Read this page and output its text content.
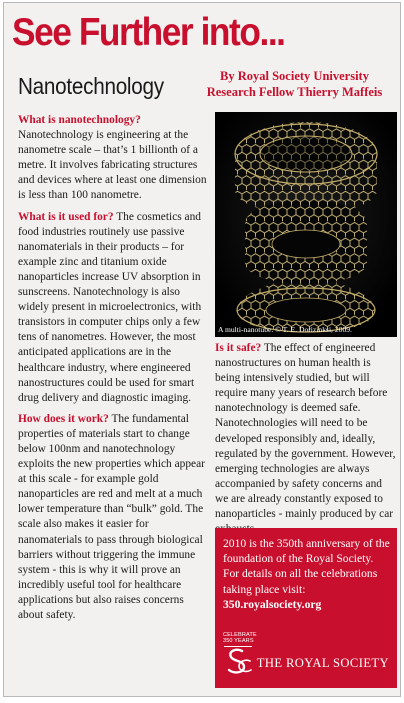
See Further into...
Nanotechnology	By Royal Society University
Research Fellow Thierry Maffeis

What is nanotechnology? Nanotechnology is engineering at the nanometre scale – that’s 1 billionth of a metre. It involves fabricating structures and devices where at least one dimension is less than 100 nanometre.

What is it used for? The cosmetics and food industries routinely use passive nanomaterials in their products – for example zinc and titanium oxide nanoparticles increase UV absorption in sunscreens. Nanotechnology is also widely present in microelectronics, with transistors in computer chips only a few tens of nanometres. However, the most anticipated applications are in the healthcare industry, where engineered nanostructures could be used for smart drug delivery and diagnostic imaging.

How does it work? The fundamental properties of materials start to change below 100nm and nanotechnology exploits the new properties which appear at this scale - for example gold nanoparticles are red and melt at a much lower temperature than “bulk” gold. The scale also makes it easier for nanomaterials to pass through biological barriers without triggering the immune system - this is why it will prove an incredibly useful tool for healthcare applications but also raises concerns about safety.

A multi-nanotube. © T. E. Dorizinksi, 2009.

Is it safe? The effect of engineered nanostructures on human health is being intensively studied, but will require many years of research before nanotechnology is deemed safe. Nanotechnologies will need to be developed responsibly and, ideally, regulated by the government. However, emerging technologies are always accompanied by safety concerns and we are already constantly exposed to nanoparticles - mainly produced by car

2010 is the 350th anniversary of the foundation of the Royal Society. For details on all the celebrations taking place visit: 350.royalsociety.org
CELEBRATE
350 YEARS
THE ROYAL SOCIETY
